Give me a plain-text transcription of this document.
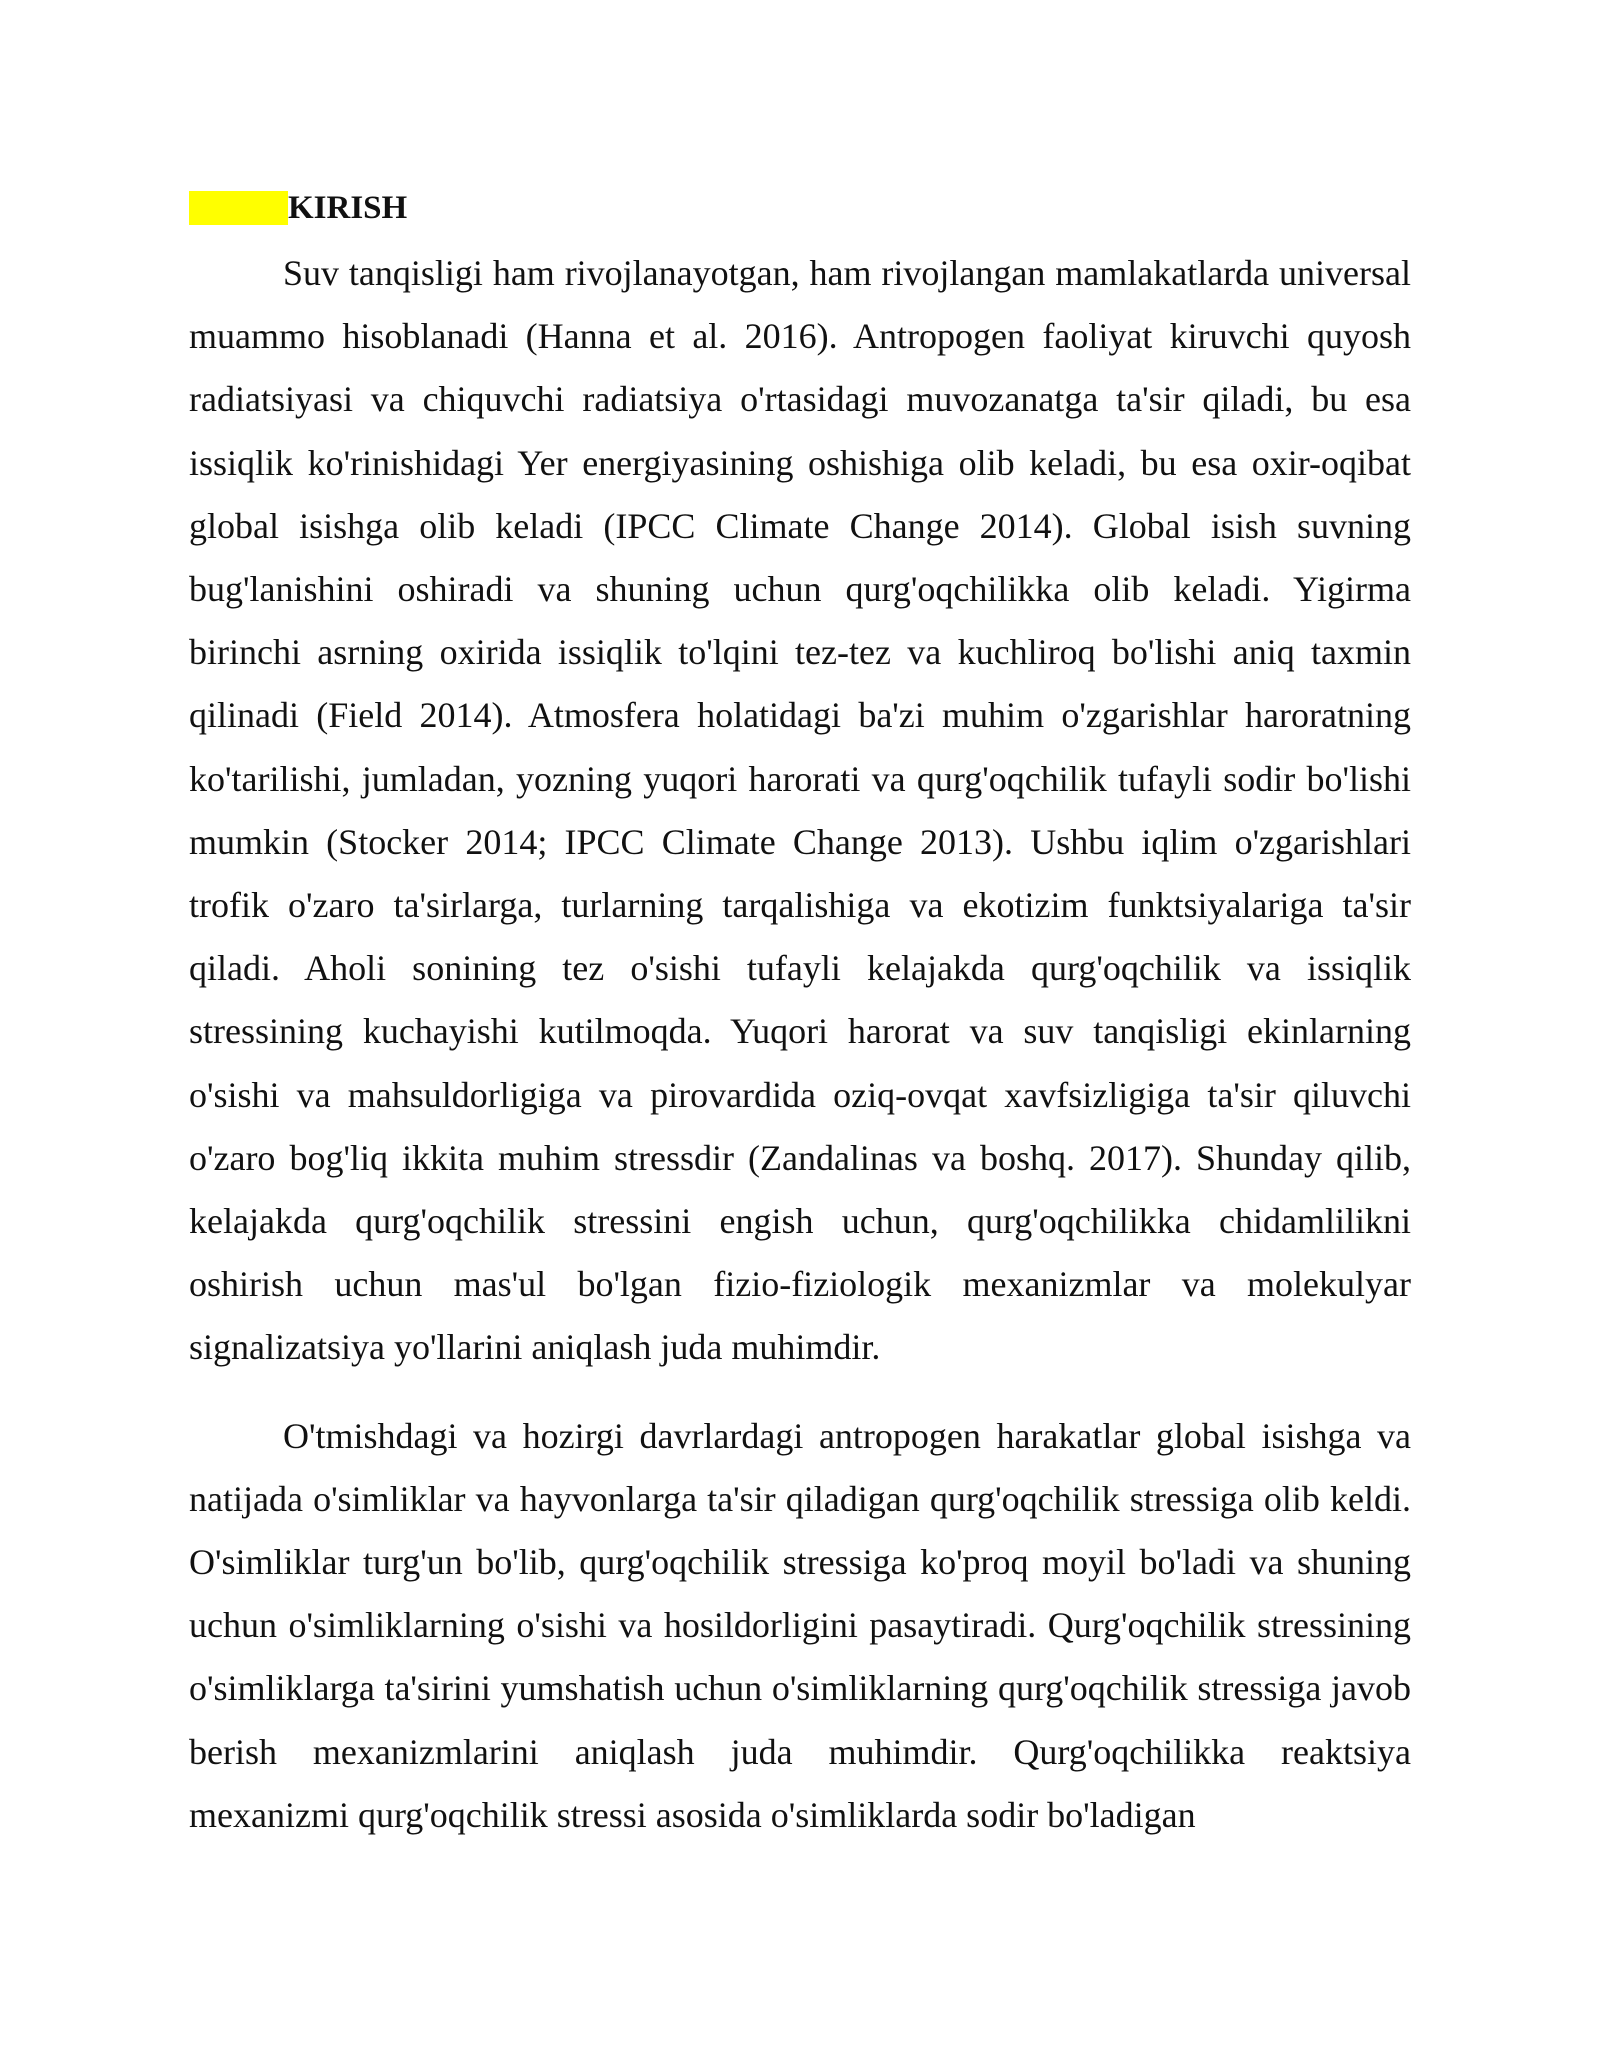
KIRISH

Suv tanqisligi ham rivojlanayotgan, ham rivojlangan mamlakatlarda universal muammo hisoblanadi (Hanna et al. 2016). Antropogen faoliyat kiruvchi quyosh radiatsiyasi va chiquvchi radiatsiya o'rtasidagi muvozanatga ta'sir qiladi, bu esa issiqlik ko'rinishidagi Yer energiyasining oshishiga olib keladi, bu esa oxir-oqibat global isishga olib keladi (IPCC Climate Change 2014). Global isish suvning bug'lanishini oshiradi va shuning uchun qurg'oqchilikka olib keladi. Yigirma birinchi asrning oxirida issiqlik to'lqini tez-tez va kuchliroq bo'lishi aniq taxmin qilinadi (Field 2014). Atmosfera holatidagi ba'zi muhim o'zgarishlar haroratning ko'tarilishi, jumladan, yozning yuqori harorati va qurg'oqchilik tufayli sodir bo'lishi mumkin (Stocker 2014; IPCC Climate Change 2013). Ushbu iqlim o'zgarishlari trofik o'zaro ta'sirlarga, turlarning tarqalishiga va ekotizim funktsiyalariga ta'sir qiladi. Aholi sonining tez o'sishi tufayli kelajakda qurg'oqchilik va issiqlik stressining kuchayishi kutilmoqda. Yuqori harorat va suv tanqisligi ekinlarning o'sishi va mahsuldorligiga va pirovardida oziq-ovqat xavfsizligiga ta'sir qiluvchi o'zaro bog'liq ikkita muhim stressdir (Zandalinas va boshq. 2017). Shunday qilib, kelajakda qurg'oqchilik stressini engish uchun, qurg'oqchilikka chidamlilikni oshirish uchun mas'ul bo'lgan fizio-fiziologik mexanizmlar va molekulyar signalizatsiya yo'llarini aniqlash juda muhimdir.

O'tmishdagi va hozirgi davrlardagi antropogen harakatlar global isishga va natijada o'simliklar va hayvonlarga ta'sir qiladigan qurg'oqchilik stressiga olib keldi. O'simliklar turg'un bo'lib, qurg'oqchilik stressiga ko'proq moyil bo'ladi va shuning uchun o'simliklarning o'sishi va hosildorligini pasaytiradi. Qurg'oqchilik stressining o'simliklarga ta'sirini yumshatish uchun o'simliklarning qurg'oqchilik stressiga javob berish mexanizmlarini aniqlash juda muhimdir. Qurg'oqchilikka reaktsiya mexanizmi qurg'oqchilik stressi asosida o'simliklarda sodir bo'ladigan
